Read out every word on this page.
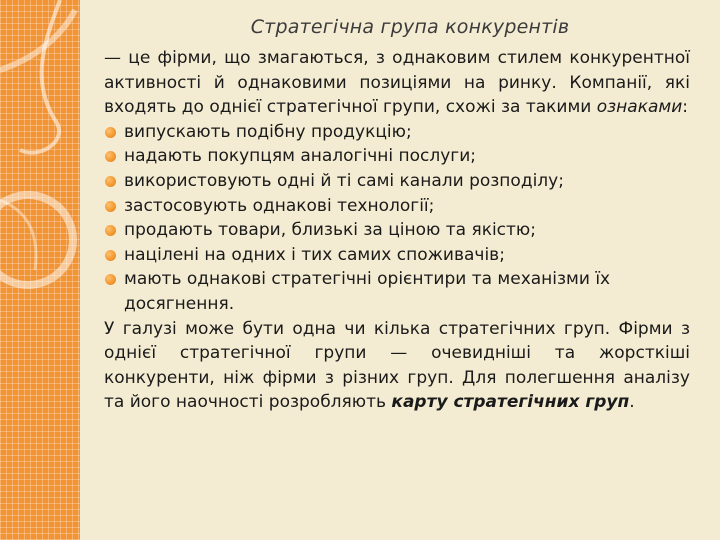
Стратегічна група конкурентів

— це фірми, що змагаються, з однаковим стилем конкурентної активності й однаковими позиціями на ринку. Компанії, які входять до однієї стратегічної групи, схожі за такими ознаками:

випускають подібну продукцію;
надають покупцям аналогічні послуги;
використовують одні й ті самі канали розподілу;
застосовують однакові технології;
продають товари, близькі за ціною та якістю;
націлені на одних і тих самих споживачів;
мають однакові стратегічні орієнтири та механізми їх досягнення.

У галузі може бути одна чи кілька стратегічних груп. Фірми з однієї стратегічної групи — очевидніші та жорсткіші конкуренти, ніж фірми з різних груп. Для полегшення аналізу та його наочності розробляють карту стратегічних груп.
